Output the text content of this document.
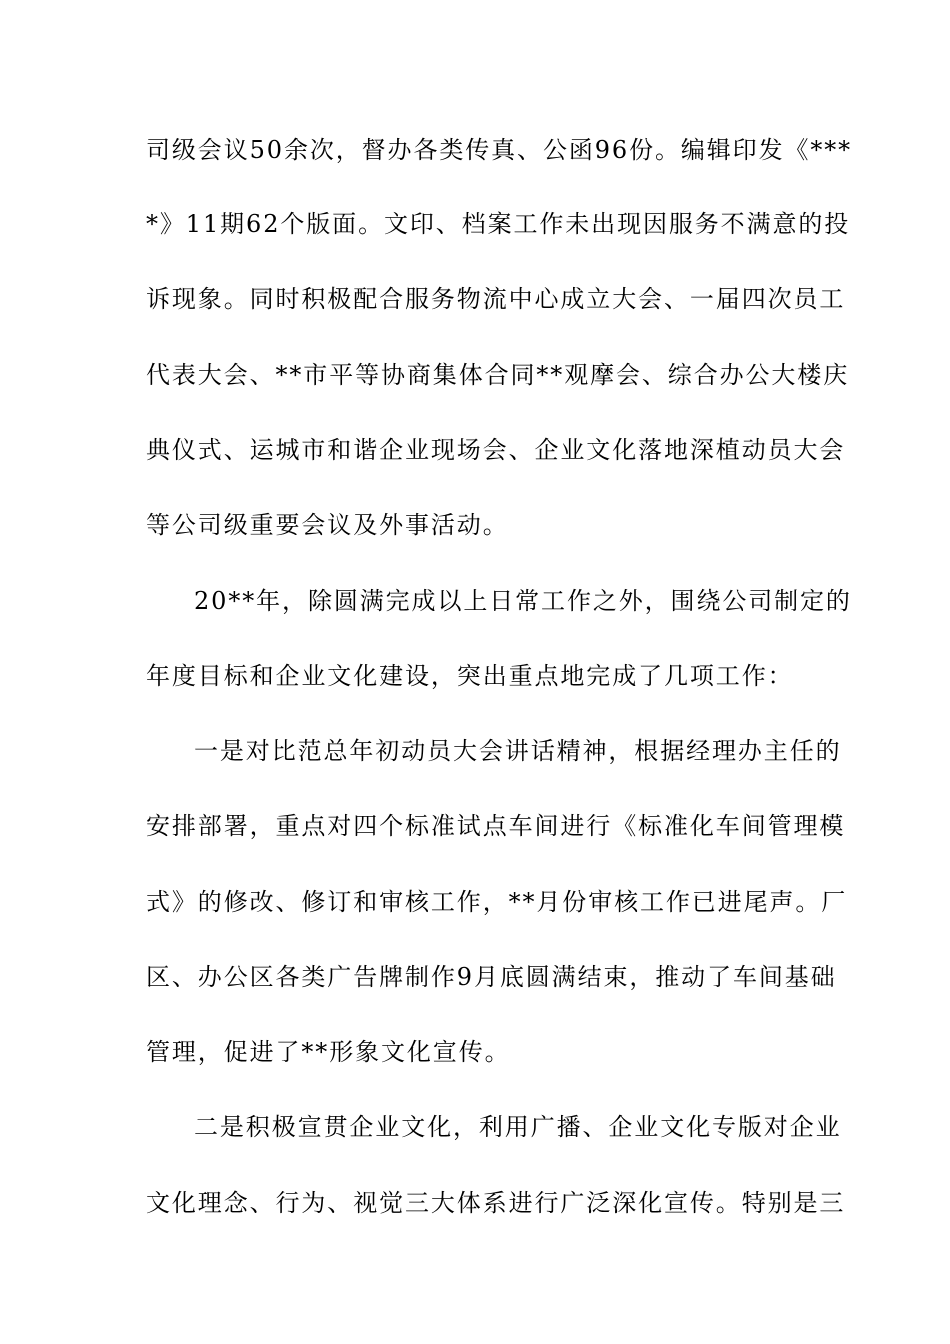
司级会议50余次，督办各类传真、公函96份。编辑印发《***
*》11期62个版面。文印、档案工作未出现因服务不满意的投
诉现象。同时积极配合服务物流中心成立大会、一届四次员工
代表大会、**市平等协商集体合同**观摩会、综合办公大楼庆
典仪式、运城市和谐企业现场会、企业文化落地深植动员大会
等公司级重要会议及外事活动。
20**年，除圆满完成以上日常工作之外，围绕公司制定的
年度目标和企业文化建设，突出重点地完成了几项工作：
一是对比范总年初动员大会讲话精神，根据经理办主任的
安排部署，重点对四个标准试点车间进行《标准化车间管理模
式》的修改、修订和审核工作，**月份审核工作已进尾声。厂
区、办公区各类广告牌制作9月底圆满结束，推动了车间基础
管理，促进了**形象文化宣传。
二是积极宣贯企业文化，利用广播、企业文化专版对企业
文化理念、行为、视觉三大体系进行广泛深化宣传。特别是三
